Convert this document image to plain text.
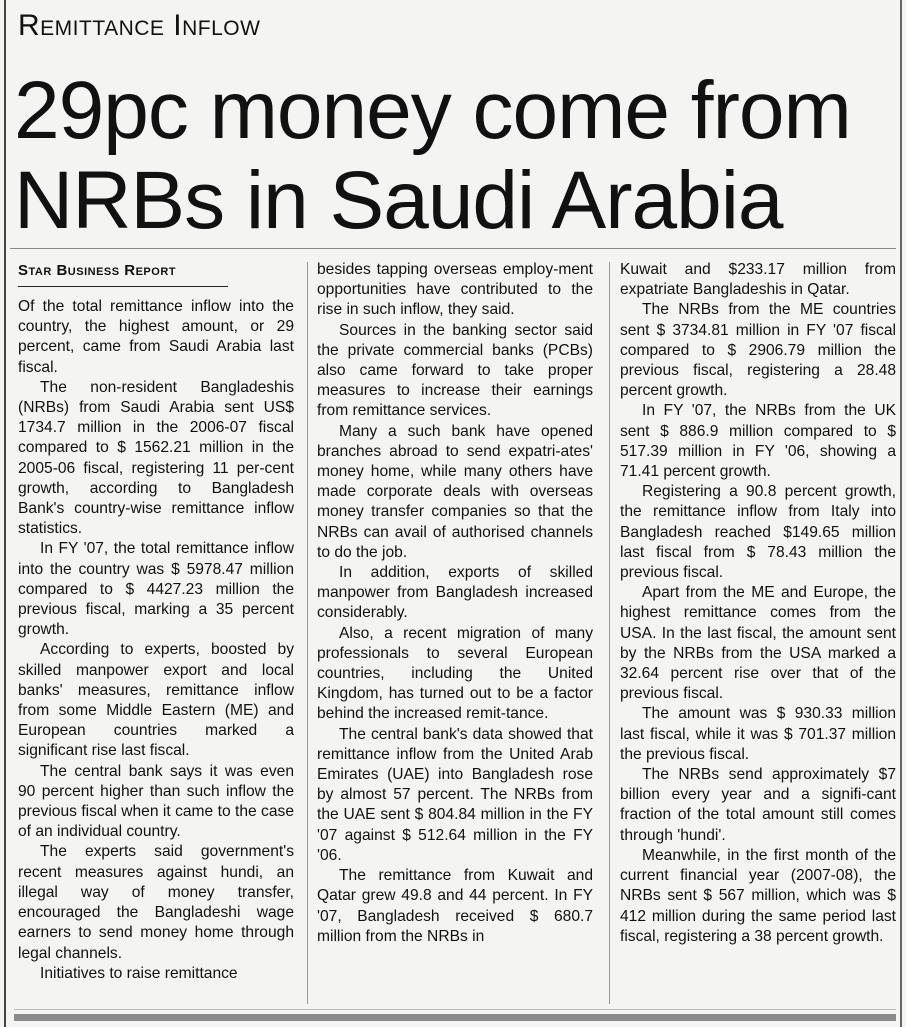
Remittance Inflow
29pc money come from
NRBs in Saudi Arabia
Star Business Report

Of the total remittance inflow into the country, the highest amount, or 29 percent, came from Saudi Arabia last fiscal.

The non-resident Bangladeshis (NRBs) from Saudi Arabia sent US$ 1734.7 million in the 2006-07 fiscal compared to $ 1562.21 million in the 2005-06 fiscal, registering 11 per-cent growth, according to Bangladesh Bank's country-wise remittance inflow statistics.

In FY '07, the total remittance inflow into the country was $ 5978.47 million compared to $ 4427.23 million the previous fiscal, marking a 35 percent growth.

According to experts, boosted by skilled manpower export and local banks' measures, remittance inflow from some Middle Eastern (ME) and European countries marked a significant rise last fiscal.

The central bank says it was even 90 percent higher than such inflow the previous fiscal when it came to the case of an individual country.

The experts said government's recent measures against hundi, an illegal way of money transfer, encouraged the Bangladeshi wage earners to send money home through legal channels.

Initiatives to raise remittance

besides tapping overseas employ-ment opportunities have contributed to the rise in such inflow, they said.

Sources in the banking sector said the private commercial banks (PCBs) also came forward to take proper measures to increase their earnings from remittance services.

Many a such bank have opened branches abroad to send expatri-ates' money home, while many others have made corporate deals with overseas money transfer companies so that the NRBs can avail of authorised channels to do the job.

In addition, exports of skilled manpower from Bangladesh increased considerably.

Also, a recent migration of many professionals to several European countries, including the United Kingdom, has turned out to be a factor behind the increased remit-tance.

The central bank's data showed that remittance inflow from the United Arab Emirates (UAE) into Bangladesh rose by almost 57 percent. The NRBs from the UAE sent $ 804.84 million in the FY '07 against $ 512.64 million in the FY '06.

The remittance from Kuwait and Qatar grew 49.8 and 44 percent. In FY '07, Bangladesh received $ 680.7 million from the NRBs in

Kuwait and $233.17 million from expatriate Bangladeshis in Qatar.

The NRBs from the ME countries sent $ 3734.81 million in FY '07 fiscal compared to $ 2906.79 million the previous fiscal, registering a 28.48 percent growth.

In FY '07, the NRBs from the UK sent $ 886.9 million compared to $ 517.39 million in FY '06, showing a 71.41 percent growth.

Registering a 90.8 percent growth, the remittance inflow from Italy into Bangladesh reached $149.65 million last fiscal from $ 78.43 million the previous fiscal.

Apart from the ME and Europe, the highest remittance comes from the USA. In the last fiscal, the amount sent by the NRBs from the USA marked a 32.64 percent rise over that of the previous fiscal.

The amount was $ 930.33 million last fiscal, while it was $ 701.37 million the previous fiscal.

The NRBs send approximately $7 billion every year and a signifi-cant fraction of the total amount still comes through 'hundi'.

Meanwhile, in the first month of the current financial year (2007-08), the NRBs sent $ 567 million, which was $ 412 million during the same period last fiscal, registering a 38 percent growth.
